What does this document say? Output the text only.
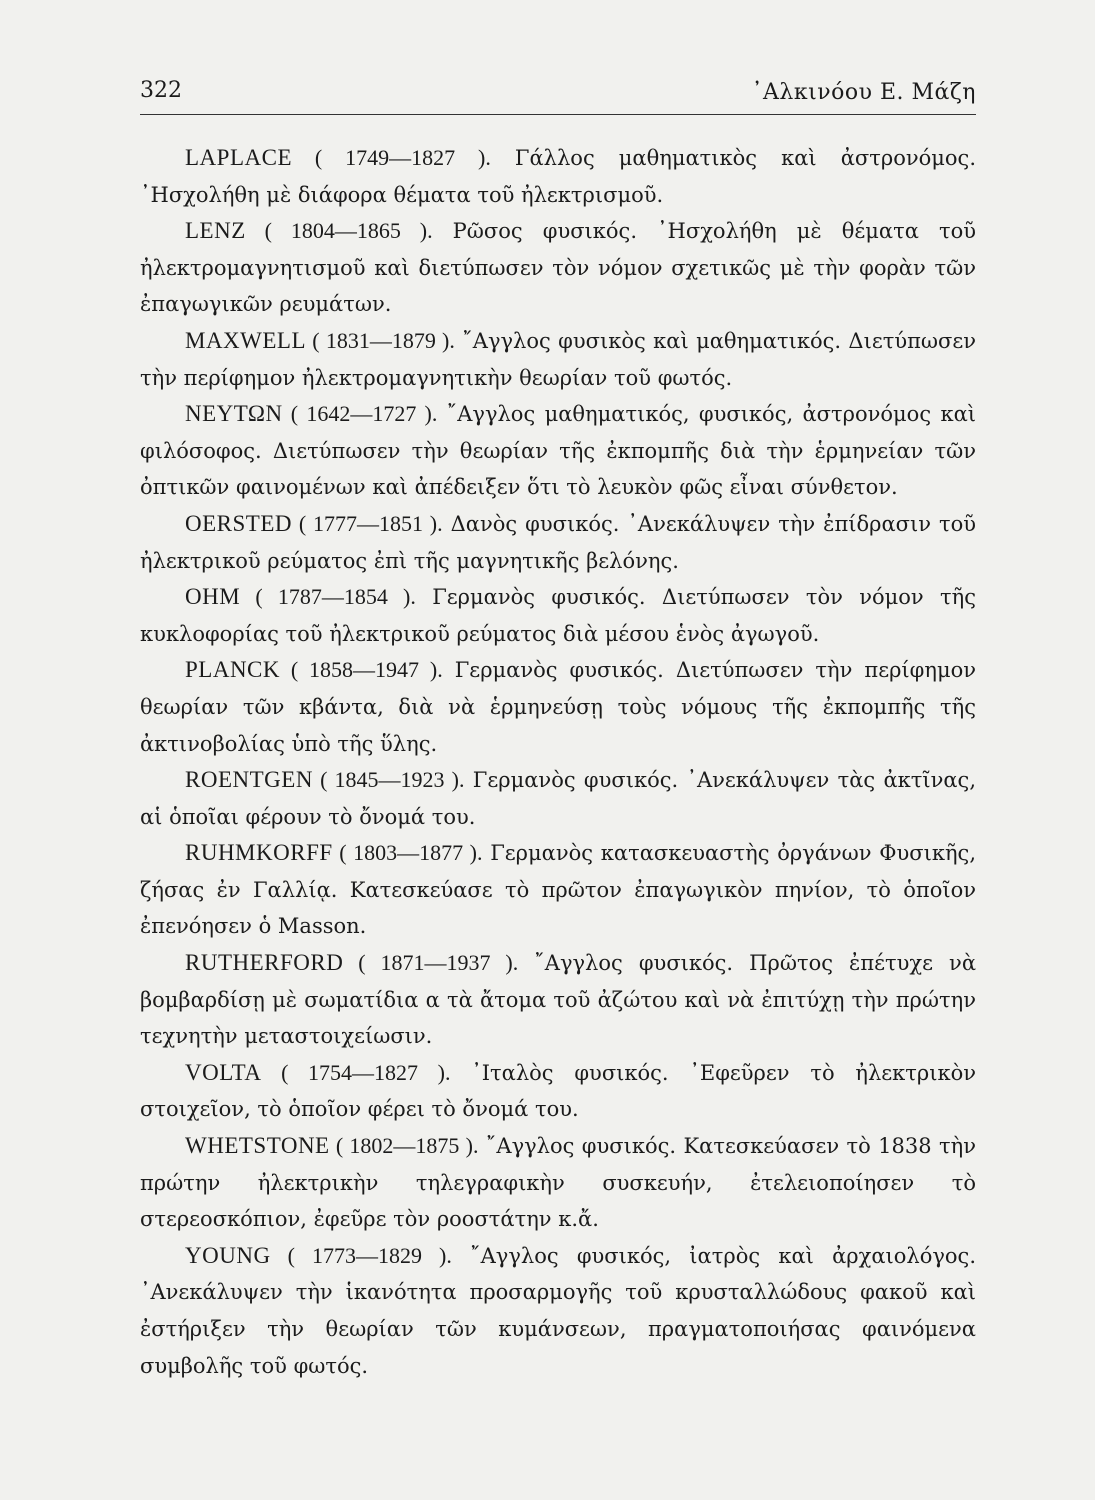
322	᾿Αλκινόου Ε. Μάζη

LAPLACE ( 1749—1827 ). Γάλλος μαθηματικὸς καὶ ἀστρονόμος. ᾿Ησχολήθη μὲ διάφορα θέματα τοῦ ἠλεκτρισμοῦ.

LENZ ( 1804—1865 ). Ρῶσος φυσικός. ᾿Ησχολήθη μὲ θέματα τοῦ ἠλεκτρομαγνητισμοῦ καὶ διετύπωσεν τὸν νόμον σχετικῶς μὲ τὴν φορὰν τῶν ἐπαγωγικῶν ρευμάτων.

MAXWELL ( 1831—1879 ). ῎Αγγλος φυσικὸς καὶ μαθηματικός. Διετύπωσεν τὴν περίφημον ἠλεκτρομαγνητικὴν θεωρίαν τοῦ φωτός.

ΝΕΥΤΩΝ ( 1642—1727 ). ῎Αγγλος μαθηματικός, φυσικός, ἀστρονόμος καὶ φιλόσοφος. Διετύπωσεν τὴν θεωρίαν τῆς ἐκπομπῆς διὰ τὴν ἑρμηνείαν τῶν ὀπτικῶν φαινομένων καὶ ἀπέδειξεν ὅτι τὸ λευκὸν φῶς εἶναι σύνθετον.

OERSTED ( 1777—1851 ). Δανὸς φυσικός. ᾿Ανεκάλυψεν τὴν ἐπίδρασιν τοῦ ἠλεκτρικοῦ ρεύματος ἐπὶ τῆς μαγνητικῆς βελόνης.

OHM ( 1787—1854 ). Γερμανὸς φυσικός. Διετύπωσεν τὸν νόμον τῆς κυκλοφορίας τοῦ ἠλεκτρικοῦ ρεύματος διὰ μέσου ἑνὸς ἀγωγοῦ.

PLANCK ( 1858—1947 ). Γερμανὸς φυσικός. Διετύπωσεν τὴν περίφημον θεωρίαν τῶν κβάντα, διὰ νὰ ἑρμηνεύσῃ τοὺς νόμους τῆς ἐκπομπῆς τῆς ἀκτινοβολίας ὑπὸ τῆς ὕλης.

ROENTGEN ( 1845—1923 ). Γερμανὸς φυσικός. ᾿Ανεκάλυψεν τὰς ἀκτῖνας, αἱ ὁποῖαι φέρουν τὸ ὄνομά του.

RUHMKORFF ( 1803—1877 ). Γερμανὸς κατασκευαστὴς ὀργάνων Φυσικῆς, ζήσας ἐν Γαλλίᾳ. Κατεσκεύασε τὸ πρῶτον ἐπαγωγικὸν πηνίον, τὸ ὁποῖον ἐπενόησεν ὁ Masson.

RUTHERFORD ( 1871—1937 ). ῎Αγγλος φυσικός. Πρῶτος ἐπέτυχε νὰ βομβαρδίσῃ μὲ σωματίδια α τὰ ἄτομα τοῦ ἀζώτου καὶ νὰ ἐπιτύχῃ τὴν πρώτην τεχνητὴν μεταστοιχείωσιν.

VOLTA ( 1754—1827 ). ᾿Ιταλὸς φυσικός. ᾿Εφεῦρεν τὸ ἠλεκτρικὸν στοιχεῖον, τὸ ὁποῖον φέρει τὸ ὄνομά του.

WHETSTONE ( 1802—1875 ). ῎Αγγλος φυσικός. Κατεσκεύασεν τὸ 1838 τὴν πρώτην ἠλεκτρικὴν τηλεγραφικὴν συσκευήν, ἐτελειοποίησεν τὸ στερεοσκόπιον, ἐφεῦρε τὸν ροοστάτην κ.ἄ.

YOUNG ( 1773—1829 ). ῎Αγγλος φυσικός, ἰατρὸς καὶ ἀρχαιολόγος. ᾿Ανεκάλυψεν τὴν ἱκανότητα προσαρμογῆς τοῦ κρυσταλλώδους φακοῦ καὶ ἐστήριξεν τὴν θεωρίαν τῶν κυμάνσεων, πραγματοποιήσας φαινόμενα συμβολῆς τοῦ φωτός.
